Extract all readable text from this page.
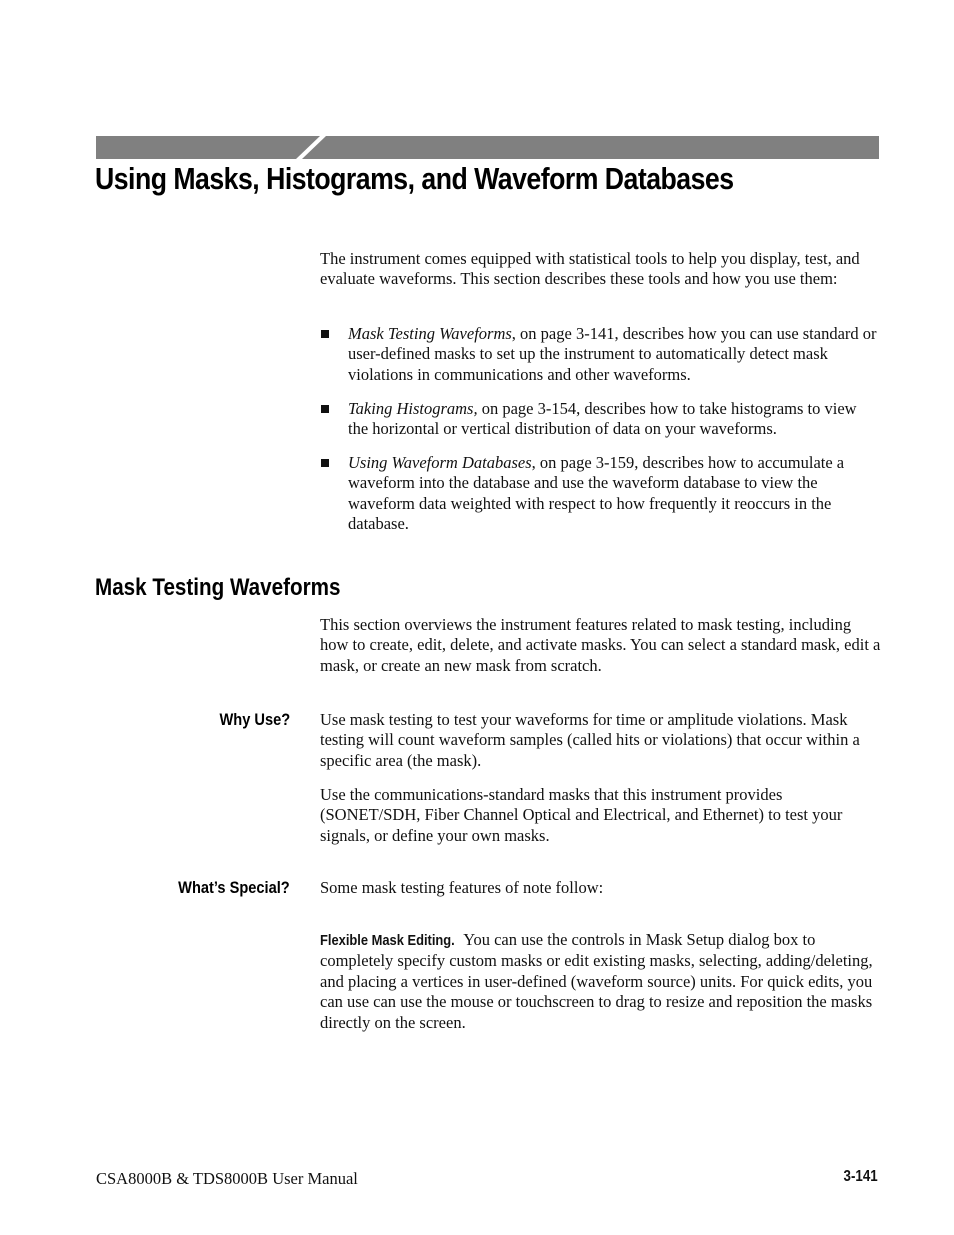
Using Masks, Histograms, and Waveform Databases
The instrument comes equipped with statistical tools to help you display, test, and evaluate waveforms. This section describes these tools and how you use them:
Mask Testing Waveforms, on page 3-141, describes how you can use standard or user-defined masks to set up the instrument to automatically detect mask violations in communications and other waveforms.
Taking Histograms, on page 3-154, describes how to take histograms to view the horizontal or vertical distribution of data on your waveforms.
Using Waveform Databases, on page 3-159, describes how to accumulate a waveform into the database and use the waveform database to view the waveform data weighted with respect to how frequently it reoccurs in the database.
Mask Testing Waveforms
This section overviews the instrument features related to mask testing, including how to create, edit, delete, and activate masks. You can select a standard mask, edit a mask, or create an new mask from scratch.
Why Use? Use mask testing to test your waveforms for time or amplitude violations. Mask testing will count waveform samples (called hits or violations) that occur within a specific area (the mask).
Use the communications-standard masks that this instrument provides (SONET/SDH, Fiber Channel Optical and Electrical, and Ethernet) to test your signals, or define your own masks.
What’s Special? Some mask testing features of note follow:
Flexible Mask Editing. You can use the controls in Mask Setup dialog box to completely specify custom masks or edit existing masks, selecting, adding/deleting, and placing a vertices in user-defined (waveform source) units. For quick edits, you can use can use the mouse or touchscreen to drag to resize and reposition the masks directly on the screen.
CSA8000B & TDS8000B User Manual	3-141
